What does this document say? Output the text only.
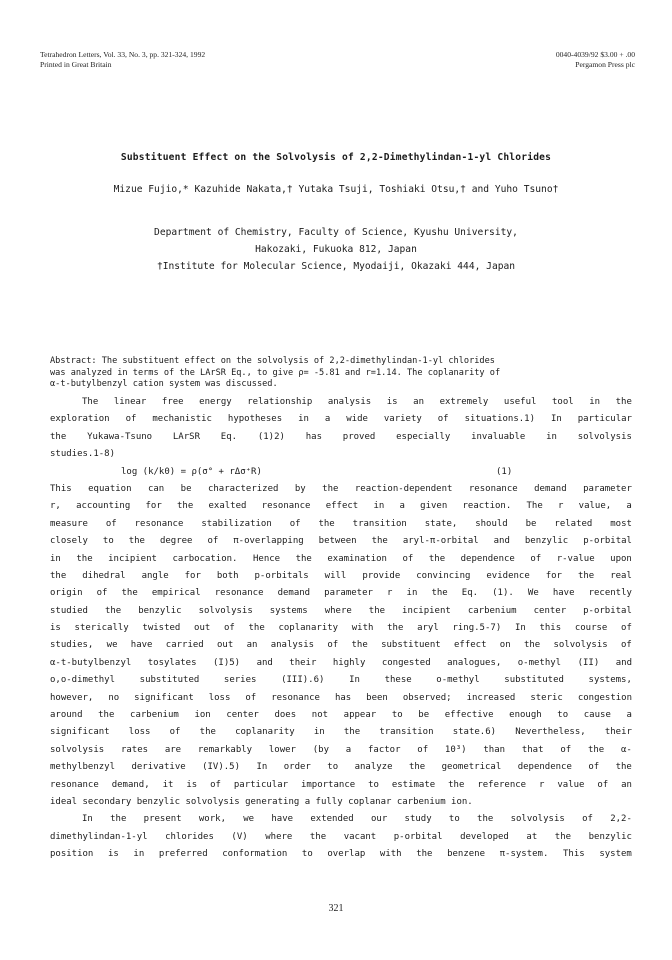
Tetrahedron Letters, Vol. 33, No. 3, pp. 321-324, 1992
Printed in Great Britain
0040-4039/92 $3.00 + .00
Pergamon Press plc
Substituent Effect on the Solvolysis of 2,2-Dimethylindan-1-yl Chlorides
Mizue Fujio,* Kazuhide Nakata,† Yutaka Tsuji, Toshiaki Otsu,† and Yuho Tsuno†
Department of Chemistry, Faculty of Science, Kyushu University,
Hakozaki, Fukuoka 812, Japan
†Institute for Molecular Science, Myodaiji, Okazaki 444, Japan
Abstract: The substituent effect on the solvolysis of 2,2-dimethylindan-1-yl chlorides
was analyzed in terms of the LArSR Eq., to give ρ= -5.81 and r=1.14. The coplanarity of
α-t-butylbenzyl cation system was discussed.
The linear free energy relationship analysis is an extremely useful tool in the
exploration of mechanistic hypotheses in a wide variety of situations.1) In particular
the Yukawa-Tsuno LArSR Eq. (1)2) has proved especially invaluable in solvolysis
studies.1-8)
log (k/k0) = ρ(σ° + rΔσ⁺R)	(1)
This equation can be characterized by the reaction-dependent resonance demand parameter
r, accounting for the exalted resonance effect in a given reaction. The r value, a
measure of resonance stabilization of the transition state, should be related most
closely to the degree of π-overlapping between the aryl-π-orbital and benzylic p-orbital
in the incipient carbocation. Hence the examination of the dependence of r-value upon
the dihedral angle for both p-orbitals will provide convincing evidence for the real
origin of the empirical resonance demand parameter r in the Eq. (1). We have recently
studied the benzylic solvolysis systems where the incipient carbenium center p-orbital
is sterically twisted out of the coplanarity with the aryl ring.5-7) In this course of
studies, we have carried out an analysis of the substituent effect on the solvolysis of
α-t-butylbenzyl tosylates (I)5) and their highly congested analogues, o-methyl (II) and
o,o-dimethyl	substituted	series	(III).6)	In	these	o-methyl	substituted	systems,
however, no significant loss of resonance has been observed; increased steric congestion
around the carbenium ion center does not appear to be effective enough to cause a
significant loss of the coplanarity in the transition state.6) Nevertheless, their
solvolysis rates are remarkably lower (by a factor of 10³) than that of the α-
methylbenzyl derivative (IV).5) In order to analyze the geometrical dependence of the
resonance demand, it is of particular importance to estimate the reference r value of an
ideal secondary benzylic solvolysis generating a fully coplanar carbenium ion.
In the present work, we have extended our study to the solvolysis of 2,2-
dimethylindan-1-yl chlorides (V) where the vacant p-orbital developed at the benzylic
position is in preferred conformation to overlap with the benzene π-system. This system
321
